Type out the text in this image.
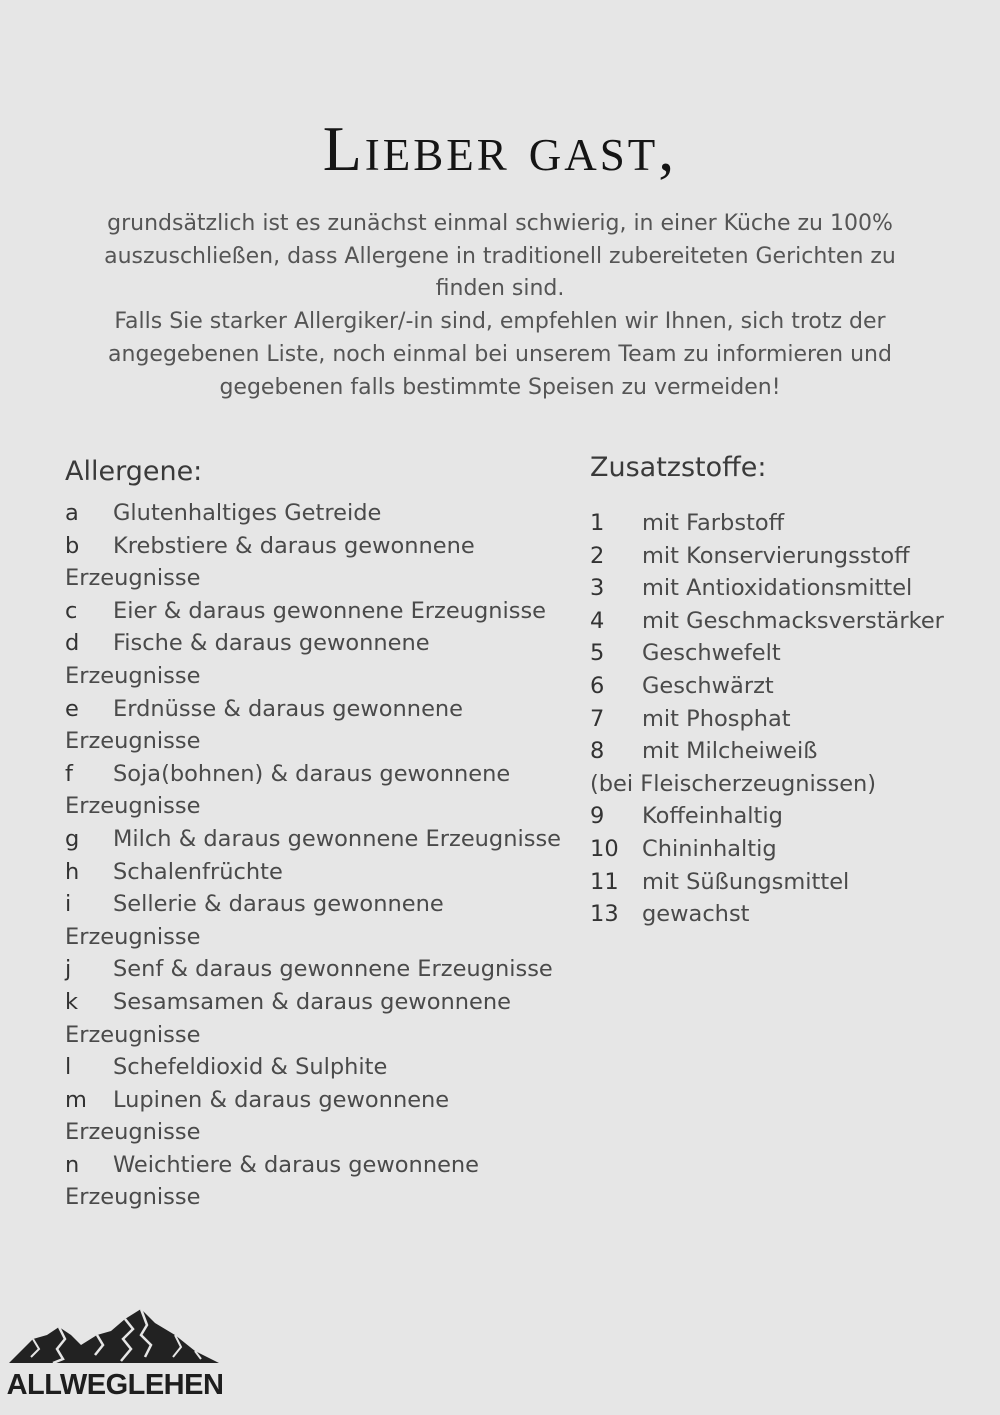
Lieber gast,

grundsätzlich ist es zunächst einmal schwierig, in einer Küche zu 100%
auszuschließen, dass Allergene in traditionell zubereiteten Gerichten zu
finden sind.
Falls Sie starker Allergiker/-in sind, empfehlen wir Ihnen, sich trotz der
angegebenen Liste, noch einmal bei unserem Team zu informieren und
gegebenen falls bestimmte Speisen zu vermeiden!

Allergene:
a Glutenhaltiges Getreide
b Krebstiere & daraus gewonnene
Erzeugnisse
c Eier & daraus gewonnene Erzeugnisse
d Fische & daraus gewonnene
Erzeugnisse
e Erdnüsse & daraus gewonnene
Erzeugnisse
f Soja(bohnen) & daraus gewonnene
Erzeugnisse
g Milch & daraus gewonnene Erzeugnisse
h Schalenfrüchte
i Sellerie & daraus gewonnene
Erzeugnisse
j Senf & daraus gewonnene Erzeugnisse
k Sesamsamen & daraus gewonnene
Erzeugnisse
l Schefeldioxid & Sulphite
m Lupinen & daraus gewonnene
Erzeugnisse
n Weichtiere & daraus gewonnene
Erzeugnisse
Zusatzstoffe:
1 mit Farbstoff
2 mit Konservierungsstoff
3 mit Antioxidationsmittel
4 mit Geschmacksverstärker
5 Geschwefelt
6 Geschwärzt
7 mit Phosphat
8 mit Milcheiweiß
(bei Fleischerzeugnissen)
9 Koffeinhaltig
10 Chininhaltig
11 mit Süßungsmittel
13 gewachst
ALLWEGLEHEN
